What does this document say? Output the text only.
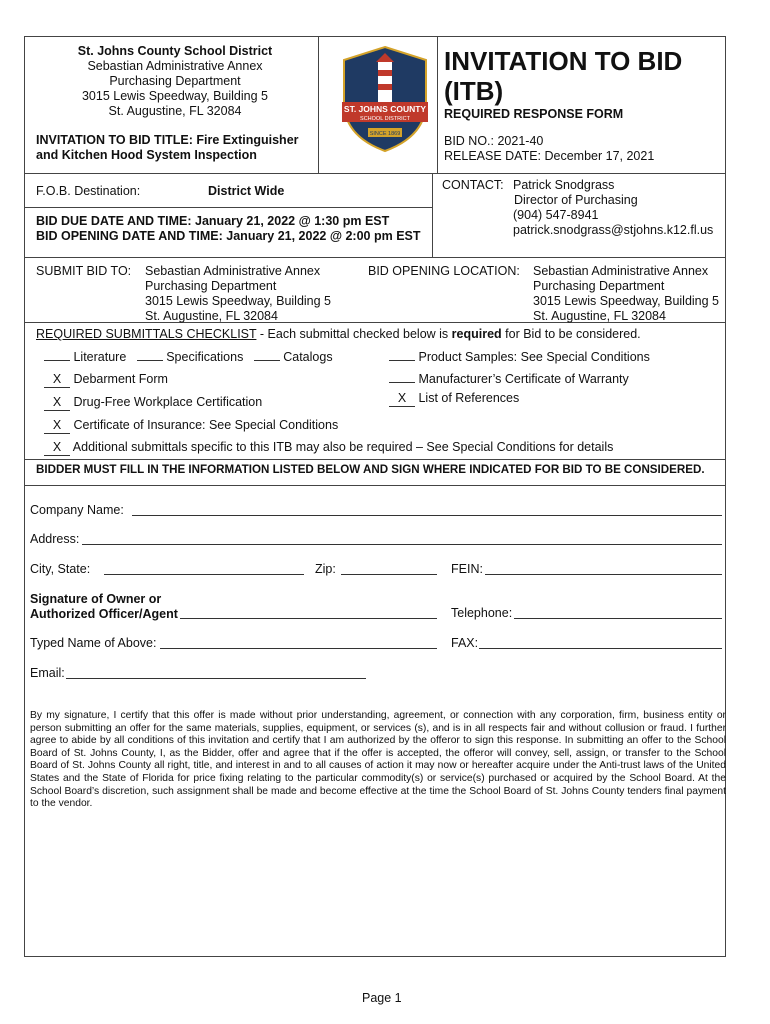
St. Johns County School District
Sebastian Administrative Annex
Purchasing Department
3015 Lewis Speedway, Building 5
St. Augustine, FL 32084
INVITATION TO BID TITLE: Fire Extinguisher
and Kitchen Hood System Inspection
ST. JOHNS COUNTY
SCHOOL DISTRICT
SINCE 1869
INVITATION TO BID
(ITB)
REQUIRED RESPONSE FORM
BID NO.: 2021-40
RELEASE DATE: December 17, 2021
F.O.B. Destination:	District Wide	CONTACT: Patrick Snodgrass
Director of Purchasing
(904) 547-8941
patrick.snodgrass@stjohns.k12.fl.us
BID DUE DATE AND TIME: January 21, 2022 @ 1:30 pm EST
BID OPENING DATE AND TIME: January 21, 2022 @ 2:00 pm EST
SUBMIT BID TO: Sebastian Administrative Annex
Purchasing Department
3015 Lewis Speedway, Building 5
St. Augustine, FL 32084
BID OPENING LOCATION: Sebastian Administrative Annex
Purchasing Department
3015 Lewis Speedway, Building 5
St. Augustine, FL 32084
REQUIRED SUBMITTALS CHECKLIST - Each submittal checked below is required for Bid to be considered.
Literature	Specifications	Catalogs	Product Samples: See Special Conditions
X Debarment Form	Manufacturer’s Certificate of Warranty
X Drug-Free Workplace Certification	X List of References
X Certificate of Insurance: See Special Conditions
X Additional submittals specific to this ITB may also be required – See Special Conditions for details
BIDDER MUST FILL IN THE INFORMATION LISTED BELOW AND SIGN WHERE INDICATED FOR BID TO BE CONSIDERED.
Company Name:
Address:
City, State:	Zip:	FEIN:
Signature of Owner or
Authorized Officer/Agent	Telephone:
Typed Name of Above:	FAX:
Email:
By my signature, I certify that this offer is made without prior understanding, agreement, or connection with any corporation, firm, business entity or person submitting an offer for the same materials, supplies, equipment, or services (s), and is in all respects fair and without collusion or fraud. I further agree to abide by all conditions of this invitation and certify that I am authorized by the offeror to sign this response. In submitting an offer to the School Board of St. Johns County, I, as the Bidder, offer and agree that if the offer is accepted, the offeror will convey, sell, assign, or transfer to the School Board of St. Johns County all right, title, and interest in and to all causes of action it may now or hereafter acquire under the Anti-trust laws of the United States and the State of Florida for price fixing relating to the particular commodity(s) or service(s) purchased or acquired by the School Board. At the School Board’s discretion, such assignment shall be made and become effective at the time the School Board of St. Johns County tenders final payment to the vendor.
Page 1
